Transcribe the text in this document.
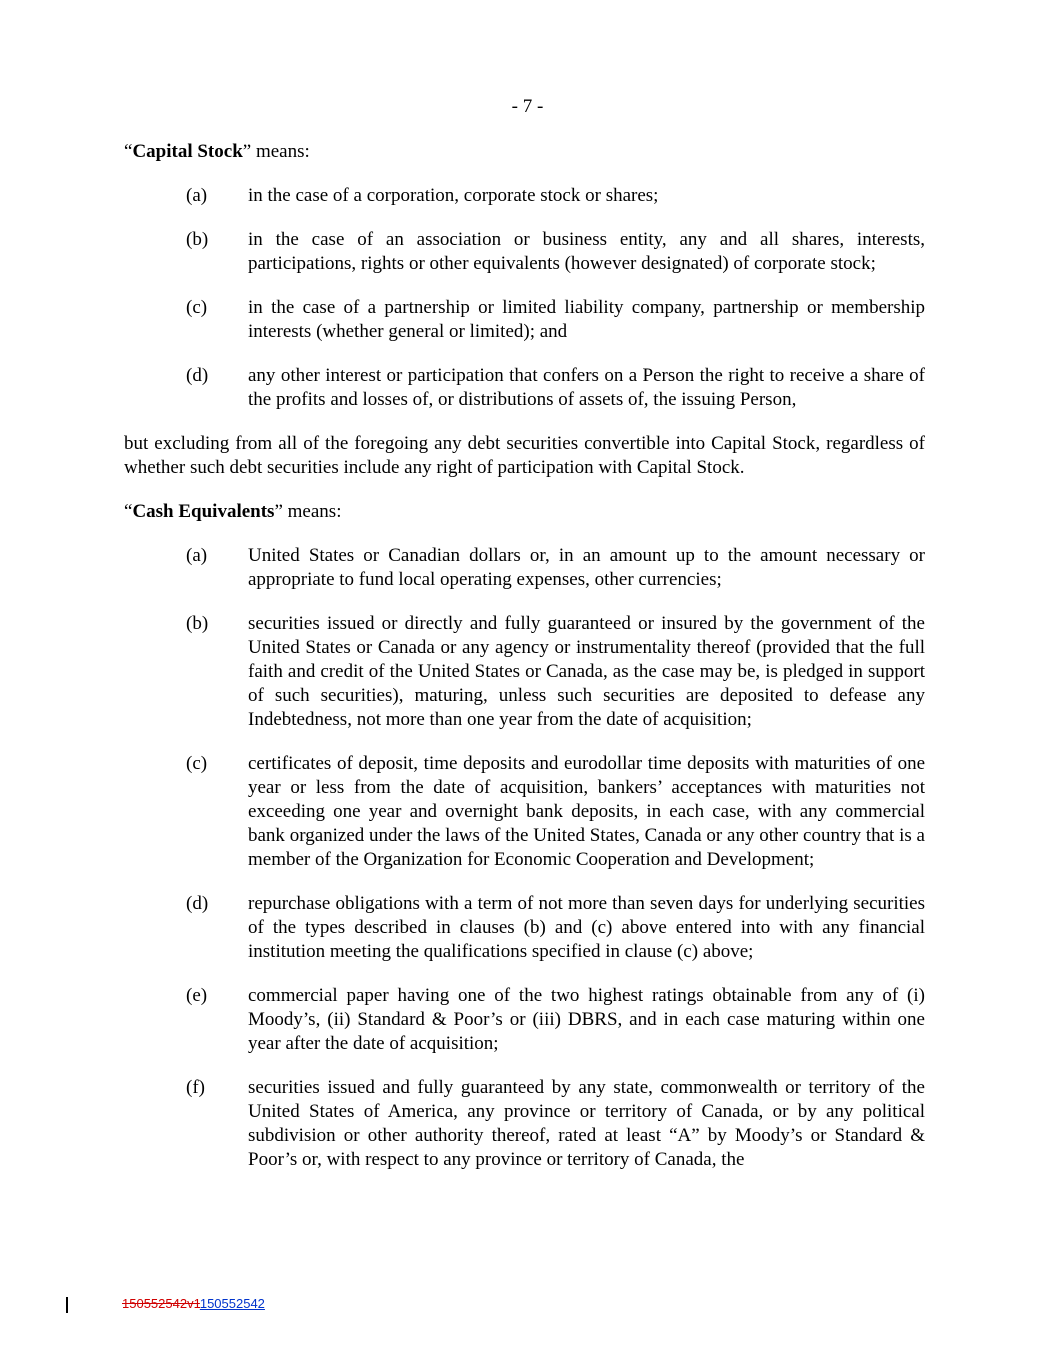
- 7 -
“Capital Stock” means:
(a)	in the case of a corporation, corporate stock or shares;
(b)	in the case of an association or business entity, any and all shares, interests, participations, rights or other equivalents (however designated) of corporate stock;
(c)	in the case of a partnership or limited liability company, partnership or membership interests (whether general or limited); and
(d)	any other interest or participation that confers on a Person the right to receive a share of the profits and losses of, or distributions of assets of, the issuing Person,
but excluding from all of the foregoing any debt securities convertible into Capital Stock, regardless of whether such debt securities include any right of participation with Capital Stock.
“Cash Equivalents” means:
(a)	United States or Canadian dollars or, in an amount up to the amount necessary or appropriate to fund local operating expenses, other currencies;
(b)	securities issued or directly and fully guaranteed or insured by the government of the United States or Canada or any agency or instrumentality thereof (provided that the full faith and credit of the United States or Canada, as the case may be, is pledged in support of such securities), maturing, unless such securities are deposited to defease any Indebtedness, not more than one year from the date of acquisition;
(c)	certificates of deposit, time deposits and eurodollar time deposits with maturities of one year or less from the date of acquisition, bankers’ acceptances with maturities not exceeding one year and overnight bank deposits, in each case, with any commercial bank organized under the laws of the United States, Canada or any other country that is a member of the Organization for Economic Cooperation and Development;
(d)	repurchase obligations with a term of not more than seven days for underlying securities of the types described in clauses (b) and (c) above entered into with any financial institution meeting the qualifications specified in clause (c) above;
(e)	commercial paper having one of the two highest ratings obtainable from any of (i) Moody’s, (ii) Standard & Poor’s or (iii) DBRS, and in each case maturing within one year after the date of acquisition;
(f)	securities issued and fully guaranteed by any state, commonwealth or territory of the United States of America, any province or territory of Canada, or by any political subdivision or other authority thereof, rated at least “A” by Moody’s or Standard & Poor’s or, with respect to any province or territory of Canada, the
150552542v1150552542
